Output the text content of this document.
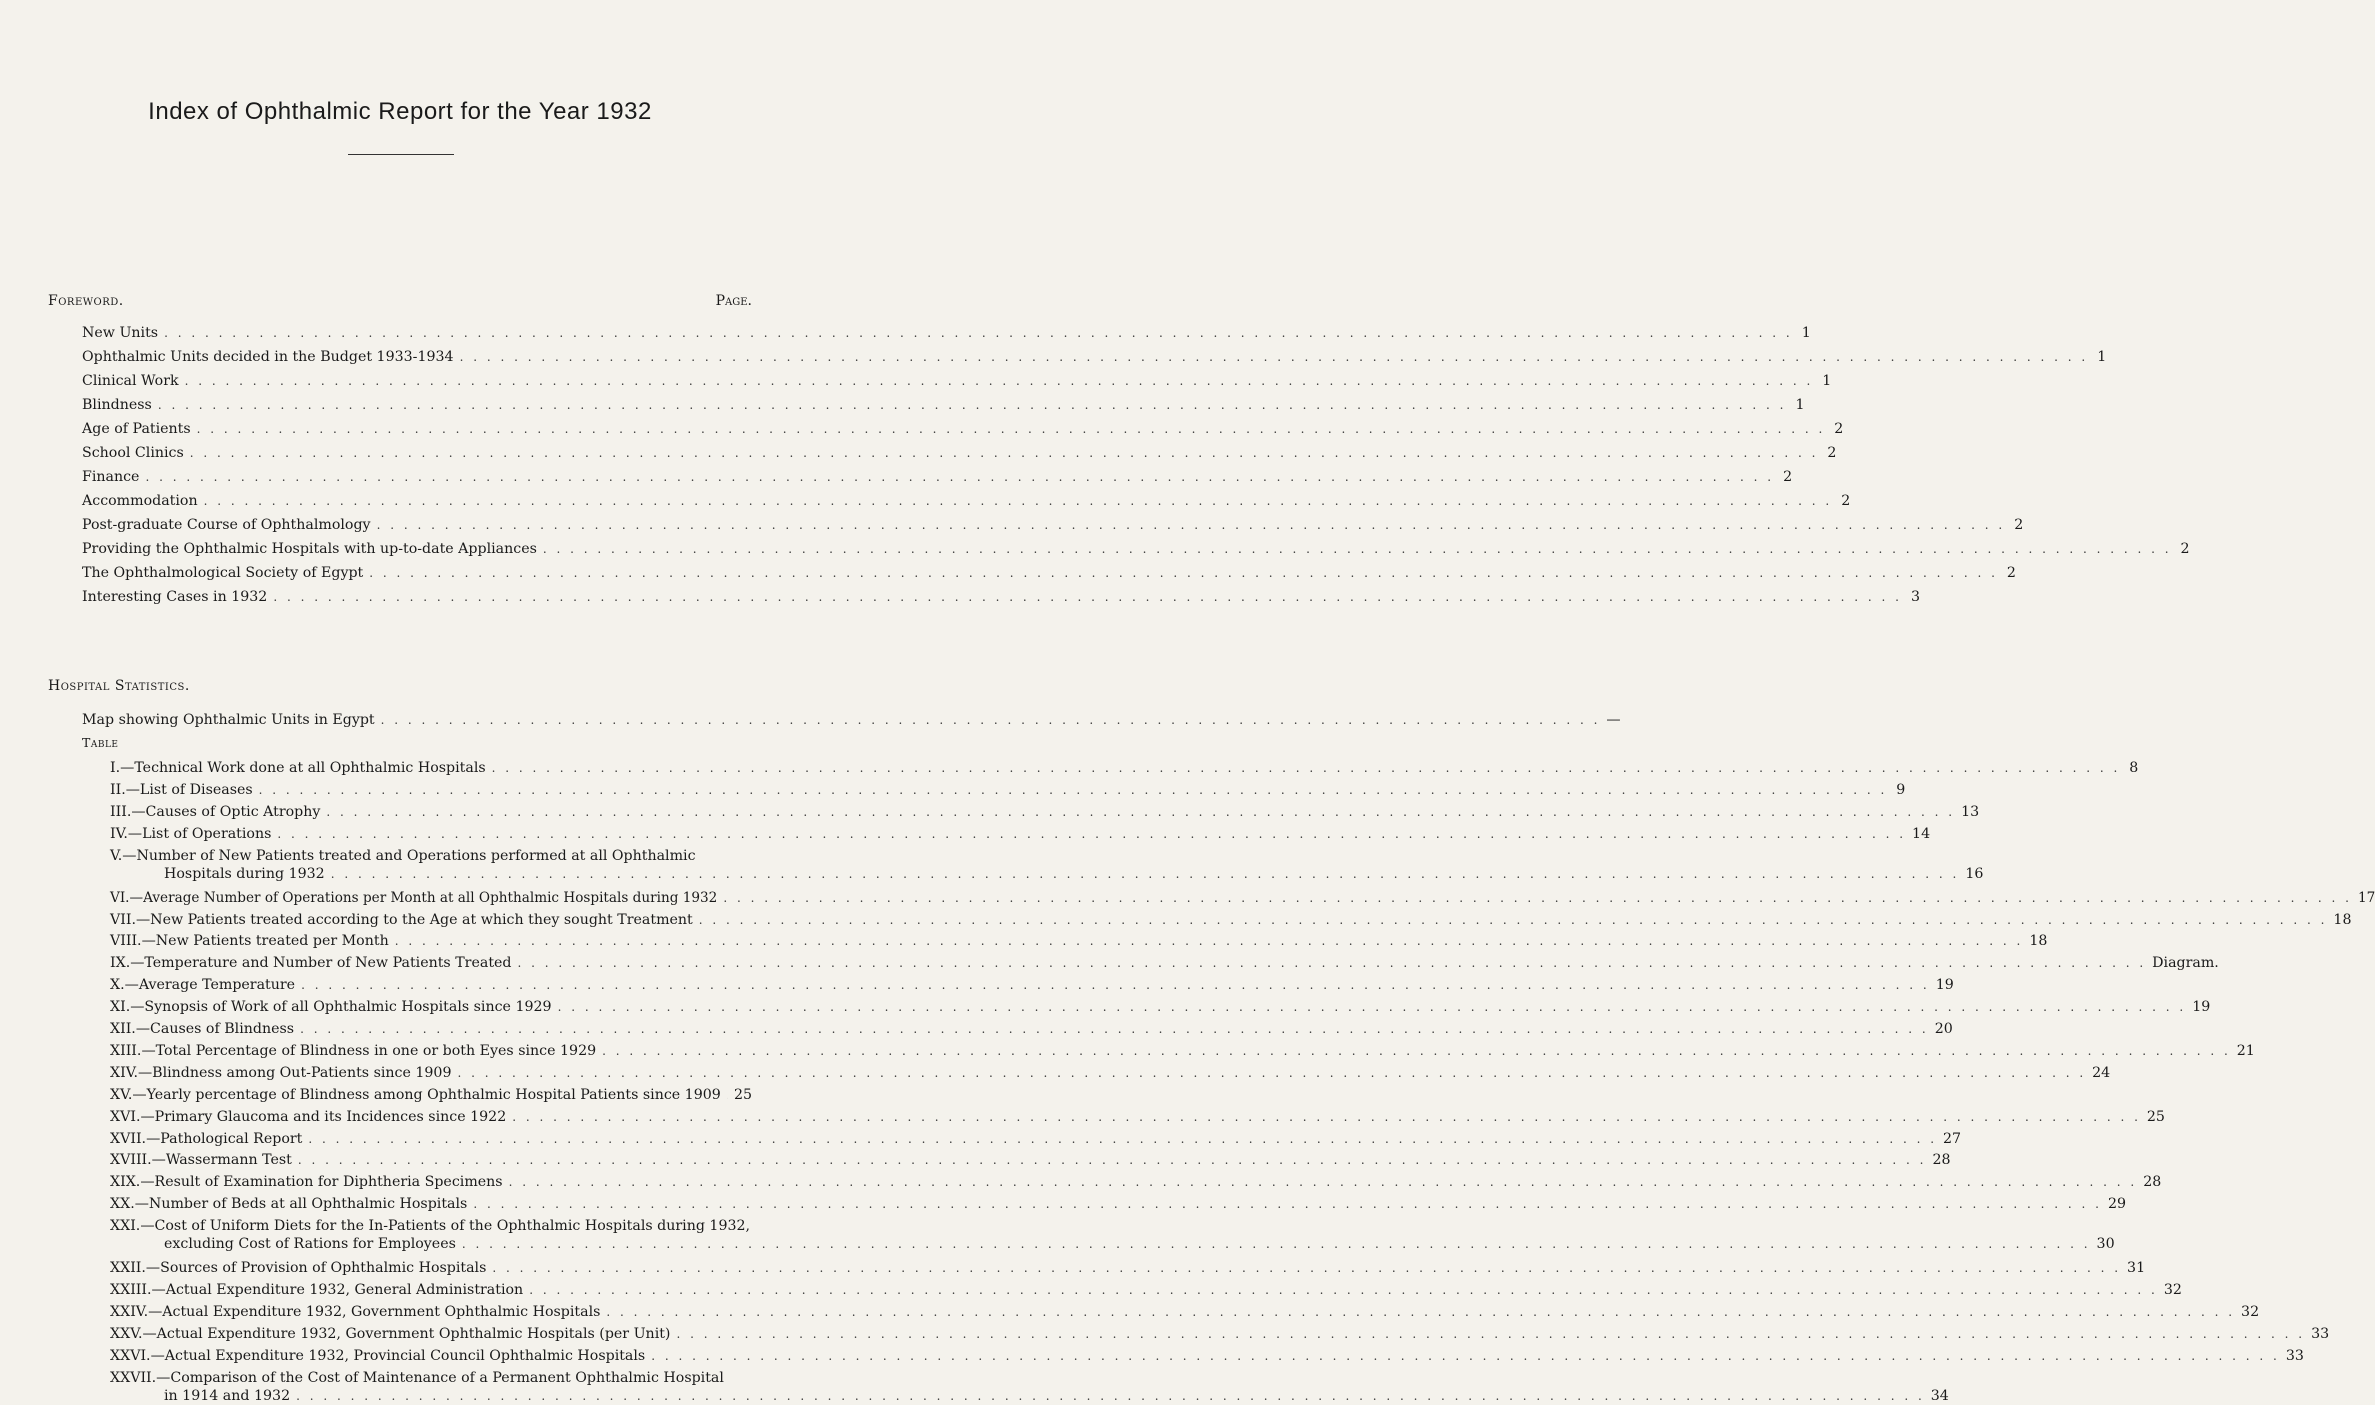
Index of Ophthalmic Report for the Year 1932
Foreword.	Page.
New Units . . . . . . . . . . . . . . . . . . . . . . . . . . . . . . . . . . . . . . . . . . . . . . . . . . . . . . . . . . . . . . . . . . . . . . . . . . . . . . . . . . . . . . . . . . . . . . . . . . . . . . . . . . . . . . . . . . . . . . . . 1
Ophthalmic Units decided in the Budget 1933-1934 . . . . . . . . . . . . . . . . . . . . . . . . . . . . . . . . . . . . . . . . . . . . . . . . . . . . . . . . . . . . . . . . . . . . . . . . . . . . . . . . . . . . . . . . . . . . . . . . . . . . . . . . . . . . . . . . . . . . . . . . 1
Clinical Work . . . . . . . . . . . . . . . . . . . . . . . . . . . . . . . . . . . . . . . . . . . . . . . . . . . . . . . . . . . . . . . . . . . . . . . . . . . . . . . . . . . . . . . . . . . . . . . . . . . . . . . . . . . . . . . . . . . . . . . . 1
Blindness . . . . . . . . . . . . . . . . . . . . . . . . . . . . . . . . . . . . . . . . . . . . . . . . . . . . . . . . . . . . . . . . . . . . . . . . . . . . . . . . . . . . . . . . . . . . . . . . . . . . . . . . . . . . . . . . . . . . . . . . 1
Age of Patients . . . . . . . . . . . . . . . . . . . . . . . . . . . . . . . . . . . . . . . . . . . . . . . . . . . . . . . . . . . . . . . . . . . . . . . . . . . . . . . . . . . . . . . . . . . . . . . . . . . . . . . . . . . . . . . . . . . . . . . . 2
School Clinics . . . . . . . . . . . . . . . . . . . . . . . . . . . . . . . . . . . . . . . . . . . . . . . . . . . . . . . . . . . . . . . . . . . . . . . . . . . . . . . . . . . . . . . . . . . . . . . . . . . . . . . . . . . . . . . . . . . . . . . . 2
Finance . . . . . . . . . . . . . . . . . . . . . . . . . . . . . . . . . . . . . . . . . . . . . . . . . . . . . . . . . . . . . . . . . . . . . . . . . . . . . . . . . . . . . . . . . . . . . . . . . . . . . . . . . . . . . . . . . . . . . . . . 2
Accommodation . . . . . . . . . . . . . . . . . . . . . . . . . . . . . . . . . . . . . . . . . . . . . . . . . . . . . . . . . . . . . . . . . . . . . . . . . . . . . . . . . . . . . . . . . . . . . . . . . . . . . . . . . . . . . . . . . . . . . . . . 2
Post-graduate Course of Ophthalmology . . . . . . . . . . . . . . . . . . . . . . . . . . . . . . . . . . . . . . . . . . . . . . . . . . . . . . . . . . . . . . . . . . . . . . . . . . . . . . . . . . . . . . . . . . . . . . . . . . . . . . . . . . . . . . . . . . . . . . . . 2
Providing the Ophthalmic Hospitals with up-to-date Appliances . . . . . . . . . . . . . . . . . . . . . . . . . . . . . . . . . . . . . . . . . . . . . . . . . . . . . . . . . . . . . . . . . . . . . . . . . . . . . . . . . . . . . . . . . . . . . . . . . . . . . . . . . . . . . . . . . . . . . . . . 2
The Ophthalmological Society of Egypt . . . . . . . . . . . . . . . . . . . . . . . . . . . . . . . . . . . . . . . . . . . . . . . . . . . . . . . . . . . . . . . . . . . . . . . . . . . . . . . . . . . . . . . . . . . . . . . . . . . . . . . . . . . . . . . . . . . . . . . . 2
Interesting Cases in 1932 . . . . . . . . . . . . . . . . . . . . . . . . . . . . . . . . . . . . . . . . . . . . . . . . . . . . . . . . . . . . . . . . . . . . . . . . . . . . . . . . . . . . . . . . . . . . . . . . . . . . . . . . . . . . . . . . . . . . . . . . 3
Hospital Statistics.
Map showing Ophthalmic Units in Egypt . . . . . . . . . . . . . . . . . . . . . . . . . . . . . . . . . . . . . . . . . . . . . . . . . . . . . . . . . . . . . . . . . . . . . . . . . . . . . . . . . . . . . . . . . . —
Table
I.—Technical Work done at all Ophthalmic Hospitals . . . . . . . . . . . . . . . . . . . . . . . . . . . . . . . . . . . . . . . . . . . . . . . . . . . . . . . . . . . . . . . . . . . . . . . . . . . . . . . . . . . . . . . . . . . . . . . . . . . . . . . . . . . . . . . . . . . . . . . . 8
II.—List of Diseases . . . . . . . . . . . . . . . . . . . . . . . . . . . . . . . . . . . . . . . . . . . . . . . . . . . . . . . . . . . . . . . . . . . . . . . . . . . . . . . . . . . . . . . . . . . . . . . . . . . . . . . . . . . . . . . . . . . . . . . . 9
III.—Causes of Optic Atrophy . . . . . . . . . . . . . . . . . . . . . . . . . . . . . . . . . . . . . . . . . . . . . . . . . . . . . . . . . . . . . . . . . . . . . . . . . . . . . . . . . . . . . . . . . . . . . . . . . . . . . . . . . . . . . . . . . . . . . . . . 13
IV.—List of Operations . . . . . . . . . . . . . . . . . . . . . . . . . . . . . . . . . . . . . . . . . . . . . . . . . . . . . . . . . . . . . . . . . . . . . . . . . . . . . . . . . . . . . . . . . . . . . . . . . . . . . . . . . . . . . . . . . . . . . . . . 14
V.—Number of New Patients treated and Operations performed at all Ophthalmic
Hospitals during 1932 . . . . . . . . . . . . . . . . . . . . . . . . . . . . . . . . . . . . . . . . . . . . . . . . . . . . . . . . . . . . . . . . . . . . . . . . . . . . . . . . . . . . . . . . . . . . . . . . . . . . . . . . . . . . . . . . . . . . . . . . 16
VI.—Average Number of Operations per Month at all Ophthalmic Hospitals during 1932 . . . . . . . . . . . . . . . . . . . . . . . . . . . . . . . . . . . . . . . . . . . . . . . . . . . . . . . . . . . . . . . . . . . . . . . . . . . . . . . . . . . . . . . . . . . . . . . . . . . . . . . . . . . . . . . . . . . . . . . . 17
VII.—New Patients treated according to the Age at which they sought Treatment . . . . . . . . . . . . . . . . . . . . . . . . . . . . . . . . . . . . . . . . . . . . . . . . . . . . . . . . . . . . . . . . . . . . . . . . . . . . . . . . . . . . . . . . . . . . . . . . . . . . . . . . . . . . . . . . . . . . . . . . 18
VIII.—New Patients treated per Month . . . . . . . . . . . . . . . . . . . . . . . . . . . . . . . . . . . . . . . . . . . . . . . . . . . . . . . . . . . . . . . . . . . . . . . . . . . . . . . . . . . . . . . . . . . . . . . . . . . . . . . . . . . . . . . . . . . . . . . . 18
IX.—Temperature and Number of New Patients Treated . . . . . . . . . . . . . . . . . . . . . . . . . . . . . . . . . . . . . . . . . . . . . . . . . . . . . . . . . . . . . . . . . . . . . . . . . . . . . . . . . . . . . . . . . . . . . . . . . . . . . . . . . . . . . . . . . . . . . . . . Diagram.
X.—Average Temperature . . . . . . . . . . . . . . . . . . . . . . . . . . . . . . . . . . . . . . . . . . . . . . . . . . . . . . . . . . . . . . . . . . . . . . . . . . . . . . . . . . . . . . . . . . . . . . . . . . . . . . . . . . . . . . . . . . . . . . . . 19
XI.—Synopsis of Work of all Ophthalmic Hospitals since 1929 . . . . . . . . . . . . . . . . . . . . . . . . . . . . . . . . . . . . . . . . . . . . . . . . . . . . . . . . . . . . . . . . . . . . . . . . . . . . . . . . . . . . . . . . . . . . . . . . . . . . . . . . . . . . . . . . . . . . . . . . 19
XII.—Causes of Blindness . . . . . . . . . . . . . . . . . . . . . . . . . . . . . . . . . . . . . . . . . . . . . . . . . . . . . . . . . . . . . . . . . . . . . . . . . . . . . . . . . . . . . . . . . . . . . . . . . . . . . . . . . . . . . . . . . . . . . . . . 20
XIII.—Total Percentage of Blindness in one or both Eyes since 1929 . . . . . . . . . . . . . . . . . . . . . . . . . . . . . . . . . . . . . . . . . . . . . . . . . . . . . . . . . . . . . . . . . . . . . . . . . . . . . . . . . . . . . . . . . . . . . . . . . . . . . . . . . . . . . . . . . . . . . . . . 21
XIV.—Blindness among Out-Patients since 1909 . . . . . . . . . . . . . . . . . . . . . . . . . . . . . . . . . . . . . . . . . . . . . . . . . . . . . . . . . . . . . . . . . . . . . . . . . . . . . . . . . . . . . . . . . . . . . . . . . . . . . . . . . . . . . . . . . . . . . . . . 24
XV.—Yearly percentage of Blindness among Ophthalmic Hospital Patients since 1909 25
XVI.—Primary Glaucoma and its Incidences since 1922 . . . . . . . . . . . . . . . . . . . . . . . . . . . . . . . . . . . . . . . . . . . . . . . . . . . . . . . . . . . . . . . . . . . . . . . . . . . . . . . . . . . . . . . . . . . . . . . . . . . . . . . . . . . . . . . . . . . . . . . . 25
XVII.—Pathological Report . . . . . . . . . . . . . . . . . . . . . . . . . . . . . . . . . . . . . . . . . . . . . . . . . . . . . . . . . . . . . . . . . . . . . . . . . . . . . . . . . . . . . . . . . . . . . . . . . . . . . . . . . . . . . . . . . . . . . . . . 27
XVIII.—Wassermann Test . . . . . . . . . . . . . . . . . . . . . . . . . . . . . . . . . . . . . . . . . . . . . . . . . . . . . . . . . . . . . . . . . . . . . . . . . . . . . . . . . . . . . . . . . . . . . . . . . . . . . . . . . . . . . . . . . . . . . . . . 28
XIX.—Result of Examination for Diphtheria Specimens . . . . . . . . . . . . . . . . . . . . . . . . . . . . . . . . . . . . . . . . . . . . . . . . . . . . . . . . . . . . . . . . . . . . . . . . . . . . . . . . . . . . . . . . . . . . . . . . . . . . . . . . . . . . . . . . . . . . . . . . 28
XX.—Number of Beds at all Ophthalmic Hospitals . . . . . . . . . . . . . . . . . . . . . . . . . . . . . . . . . . . . . . . . . . . . . . . . . . . . . . . . . . . . . . . . . . . . . . . . . . . . . . . . . . . . . . . . . . . . . . . . . . . . . . . . . . . . . . . . . . . . . . . . 29
XXI.—Cost of Uniform Diets for the In-Patients of the Ophthalmic Hospitals during 1932,
excluding Cost of Rations for Employees . . . . . . . . . . . . . . . . . . . . . . . . . . . . . . . . . . . . . . . . . . . . . . . . . . . . . . . . . . . . . . . . . . . . . . . . . . . . . . . . . . . . . . . . . . . . . . . . . . . . . . . . . . . . . . . . . . . . . . . . 30
XXII.—Sources of Provision of Ophthalmic Hospitals . . . . . . . . . . . . . . . . . . . . . . . . . . . . . . . . . . . . . . . . . . . . . . . . . . . . . . . . . . . . . . . . . . . . . . . . . . . . . . . . . . . . . . . . . . . . . . . . . . . . . . . . . . . . . . . . . . . . . . . . 31
XXIII.—Actual Expenditure 1932, General Administration . . . . . . . . . . . . . . . . . . . . . . . . . . . . . . . . . . . . . . . . . . . . . . . . . . . . . . . . . . . . . . . . . . . . . . . . . . . . . . . . . . . . . . . . . . . . . . . . . . . . . . . . . . . . . . . . . . . . . . . . 32
XXIV.—Actual Expenditure 1932, Government Ophthalmic Hospitals . . . . . . . . . . . . . . . . . . . . . . . . . . . . . . . . . . . . . . . . . . . . . . . . . . . . . . . . . . . . . . . . . . . . . . . . . . . . . . . . . . . . . . . . . . . . . . . . . . . . . . . . . . . . . . . . . . . . . . . . 32
XXV.—Actual Expenditure 1932, Government Ophthalmic Hospitals (per Unit) . . . . . . . . . . . . . . . . . . . . . . . . . . . . . . . . . . . . . . . . . . . . . . . . . . . . . . . . . . . . . . . . . . . . . . . . . . . . . . . . . . . . . . . . . . . . . . . . . . . . . . . . . . . . . . . . . . . . . . . . 33
XXVI.—Actual Expenditure 1932, Provincial Council Ophthalmic Hospitals . . . . . . . . . . . . . . . . . . . . . . . . . . . . . . . . . . . . . . . . . . . . . . . . . . . . . . . . . . . . . . . . . . . . . . . . . . . . . . . . . . . . . . . . . . . . . . . . . . . . . . . . . . . . . . . . . . . . . . . . 33
XXVII.—Comparison of the Cost of Maintenance of a Permanent Ophthalmic Hospital
in 1914 and 1932 . . . . . . . . . . . . . . . . . . . . . . . . . . . . . . . . . . . . . . . . . . . . . . . . . . . . . . . . . . . . . . . . . . . . . . . . . . . . . . . . . . . . . . . . . . . . . . . . . . . . . . . . . . . . . . . . . . . . . . . . 34
